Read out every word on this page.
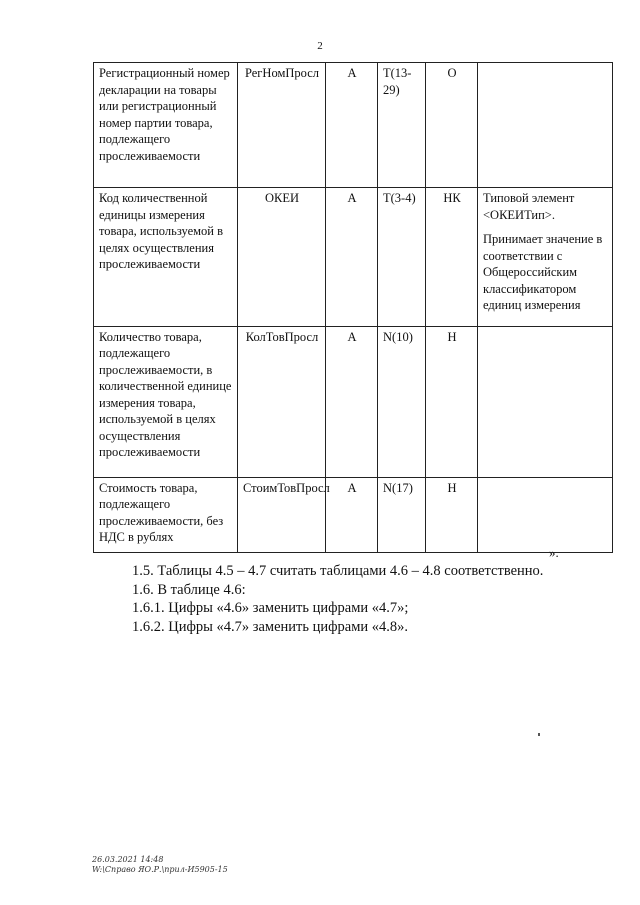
2
Регистрационный номер декларации на товары или регистрационный номер партии товара, подлежащего прослеживаемости	РегНомПросл	А	Т(13-29)	О	
Код количественной единицы измерения товара, используемой в целях осуществления прослеживаемости	ОКЕИ	А	Т(3-4)	НК	Типовой элемент <ОКЕИТип>.

Принимает значение в соответствии с Общероссийским классификатором единиц измерения

Количество товара, подлежащего прослеживаемости, в количественной единице измерения товара, используемой в целях осуществления прослеживаемости	КолТовПросл	А	N(10)	Н	
Стоимость товара, подлежащего прослеживаемости, без НДС в рублях	СтоимТовПросл	А	N(17)	Н	
».
1.5. Таблицы 4.5 – 4.7 считать таблицами 4.6 – 4.8 соответственно.
1.6. В таблице 4.6:
1.6.1. Цифры «4.6» заменить цифрами «4.7»;
1.6.2. Цифры «4.7» заменить цифрами «4.8».
26.03.2021 14:48
W:\Справо ЯО.Р.\прил-И5905-15
